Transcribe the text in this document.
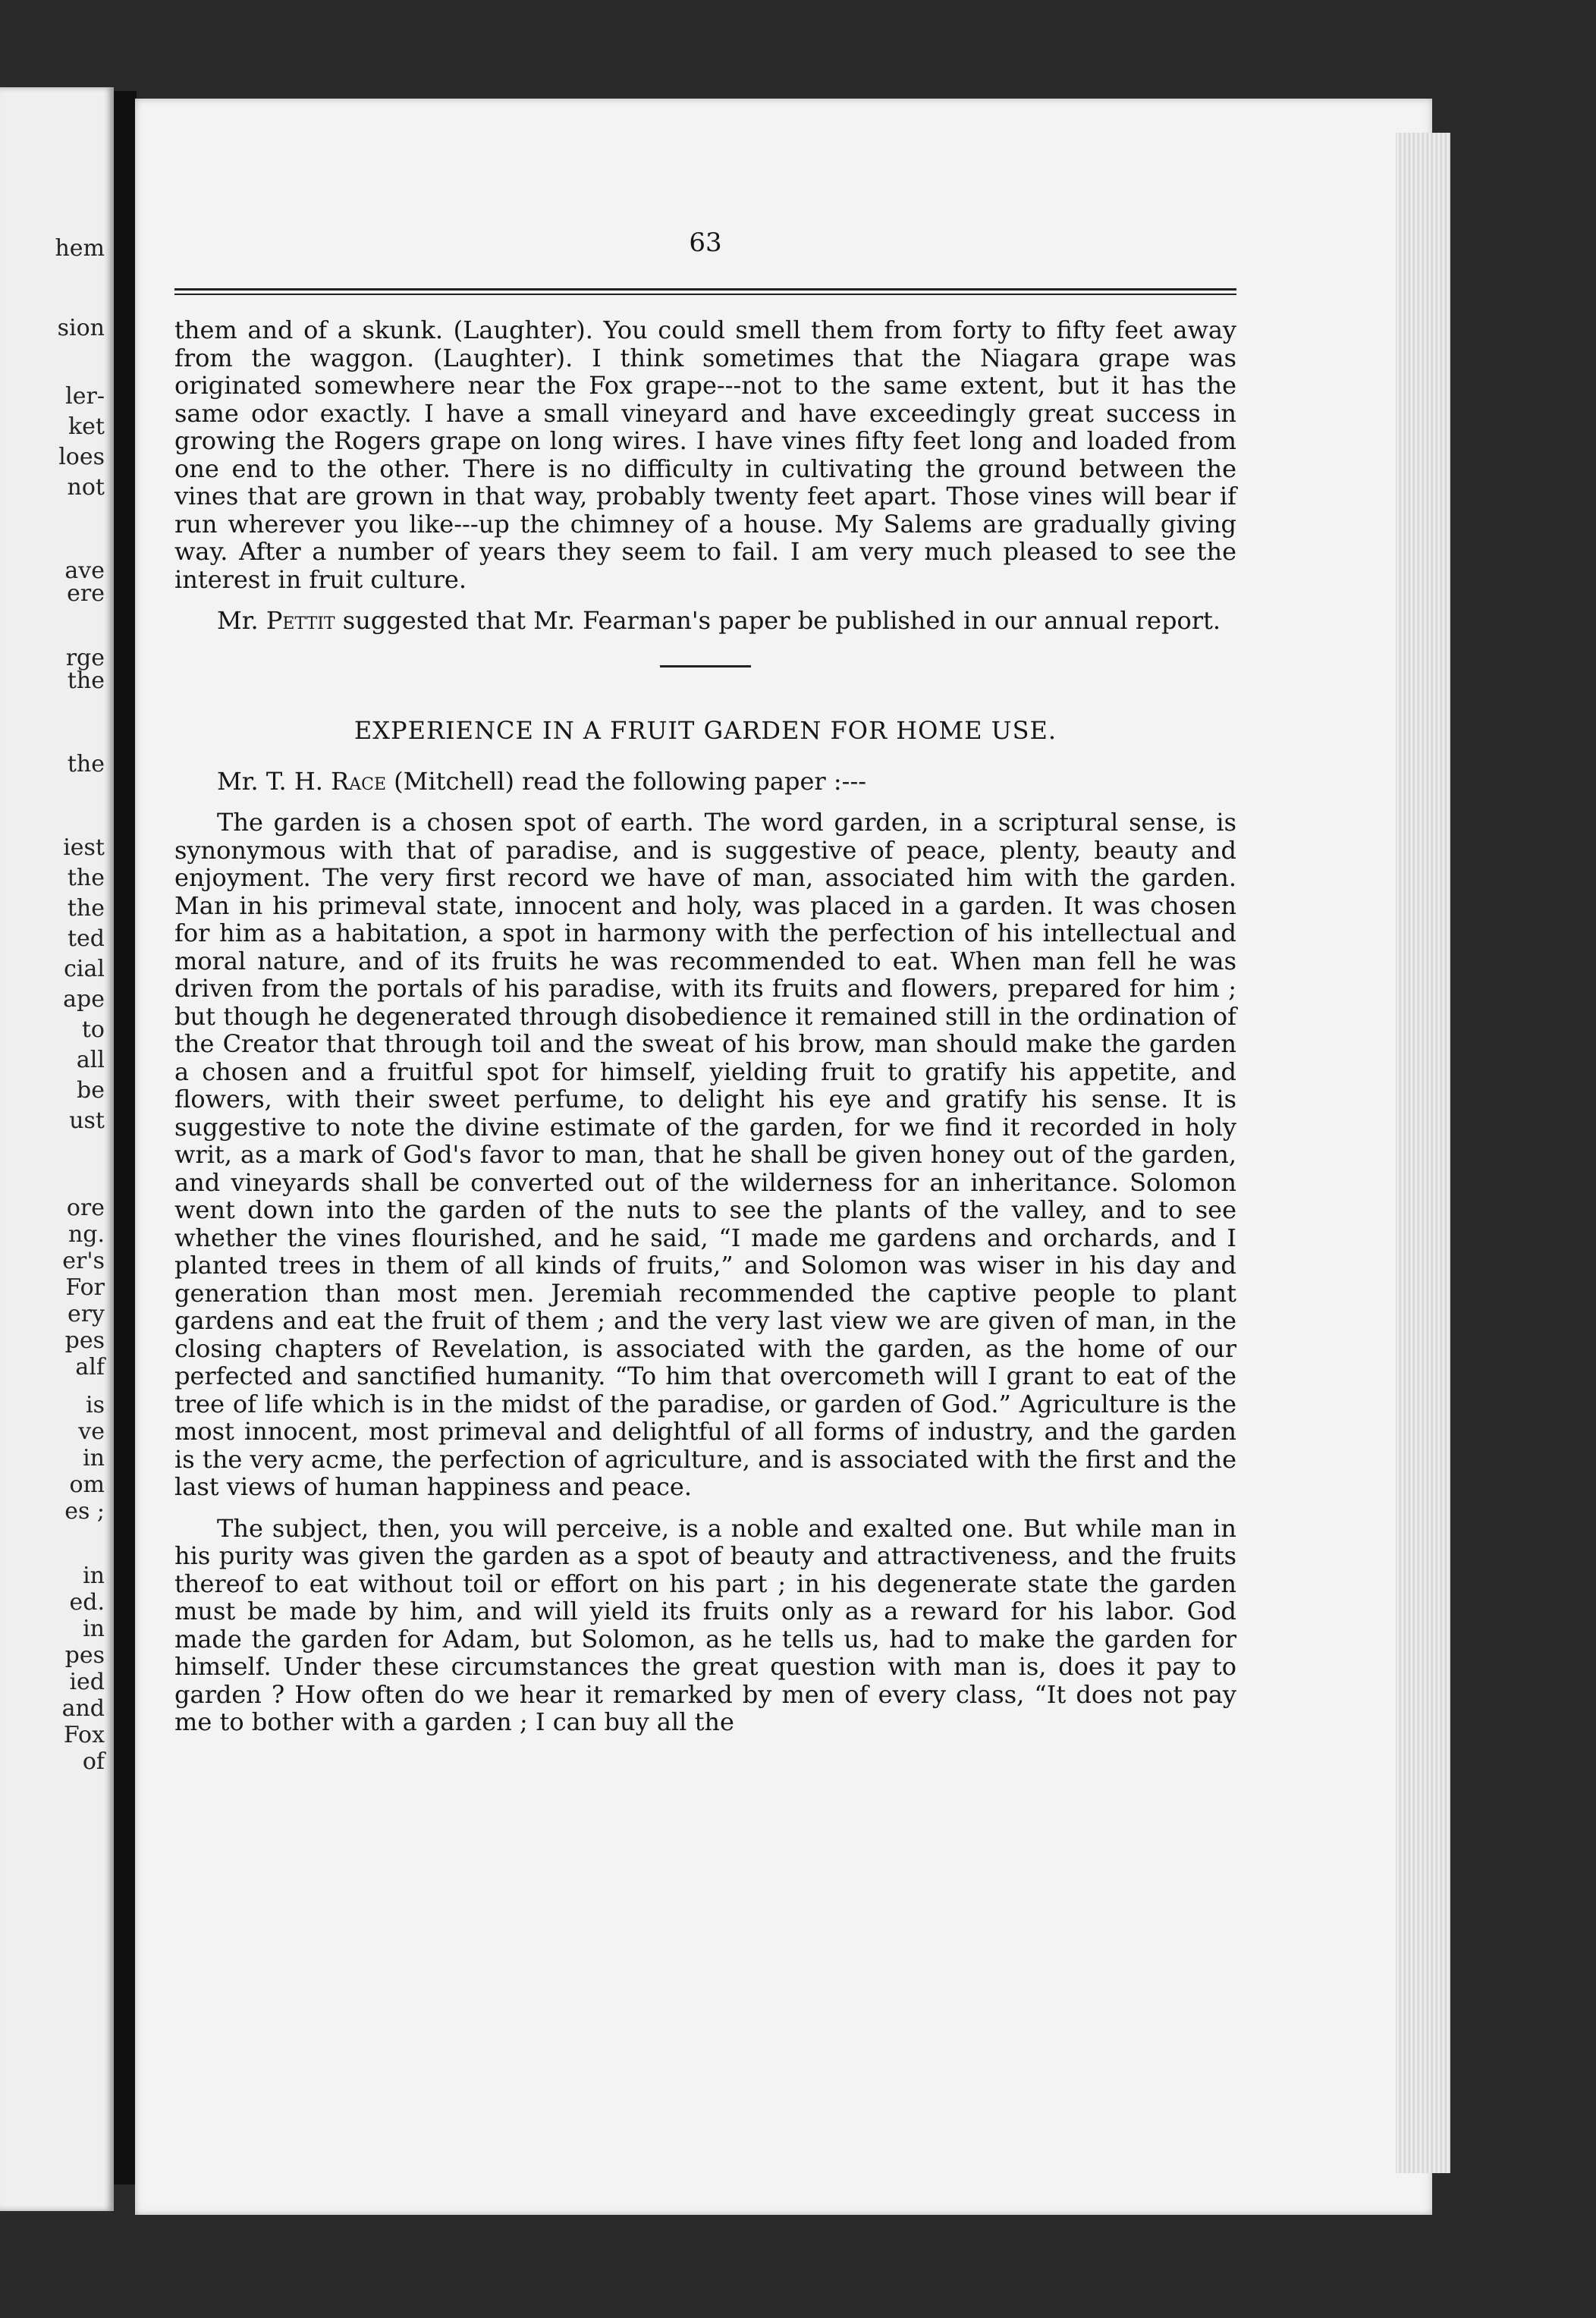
hem
sion
ler-
ket
loes
not
ave
ere
rge
the
the
iest
the
the
ted
cial
ape
to
all
be
ust
ore
ng.
er's
For
ery
pes
alf
is
ve
in
om
es ;
in
ed.
in
pes
ied
and
Fox
of
63

them and of a skunk. (Laughter). You could smell them from forty to fifty feet away from the waggon. (Laughter). I think sometimes that the Niagara grape was originated somewhere near the Fox grape---not to the same extent, but it has the same odor exactly. I have a small vineyard and have exceedingly great success in growing the Rogers grape on long wires. I have vines fifty feet long and loaded from one end to the other. There is no difficulty in cultivating the ground between the vines that are grown in that way, probably twenty feet apart. Those vines will bear if run wherever you like---up the chimney of a house. My Salems are gradually giving way. After a number of years they seem to fail. I am very much pleased to see the interest in fruit culture.

Mr. Pettit suggested that Mr. Fearman's paper be published in our annual report.

EXPERIENCE IN A FRUIT GARDEN FOR HOME USE.

Mr. T. H. Race (Mitchell) read the following paper :---

The garden is a chosen spot of earth. The word garden, in a scriptural sense, is synonymous with that of paradise, and is suggestive of peace, plenty, beauty and enjoyment. The very first record we have of man, associated him with the garden. Man in his primeval state, innocent and holy, was placed in a garden. It was chosen for him as a habitation, a spot in harmony with the perfection of his intellectual and moral nature, and of its fruits he was recommended to eat. When man fell he was driven from the portals of his paradise, with its fruits and flowers, prepared for him ; but though he degenerated through disobedience it remained still in the ordination of the Creator that through toil and the sweat of his brow, man should make the garden a chosen and a fruitful spot for himself, yielding fruit to gratify his appetite, and flowers, with their sweet perfume, to delight his eye and gratify his sense. It is suggestive to note the divine estimate of the garden, for we find it recorded in holy writ, as a mark of God's favor to man, that he shall be given honey out of the garden, and vineyards shall be converted out of the wilderness for an inheritance. Solomon went down into the garden of the nuts to see the plants of the valley, and to see whether the vines flourished, and he said, “I made me gardens and orchards, and I planted trees in them of all kinds of fruits,” and Solomon was wiser in his day and generation than most men. Jeremiah recommended the captive people to plant gardens and eat the fruit of them ; and the very last view we are given of man, in the closing chapters of Revelation, is associated with the garden, as the home of our perfected and sanctified humanity. “To him that overcometh will I grant to eat of the tree of life which is in the midst of the paradise, or garden of God.” Agriculture is the most innocent, most primeval and delightful of all forms of industry, and the garden is the very acme, the perfection of agriculture, and is associated with the first and the last views of human happiness and peace.

The subject, then, you will perceive, is a noble and exalted one. But while man in his purity was given the garden as a spot of beauty and attractiveness, and the fruits thereof to eat without toil or effort on his part ; in his degenerate state the garden must be made by him, and will yield its fruits only as a reward for his labor. God made the garden for Adam, but Solomon, as he tells us, had to make the garden for himself. Under these circumstances the great question with man is, does it pay to garden ? How often do we hear it remarked by men of every class, “It does not pay me to bother with a garden ; I can buy all the
